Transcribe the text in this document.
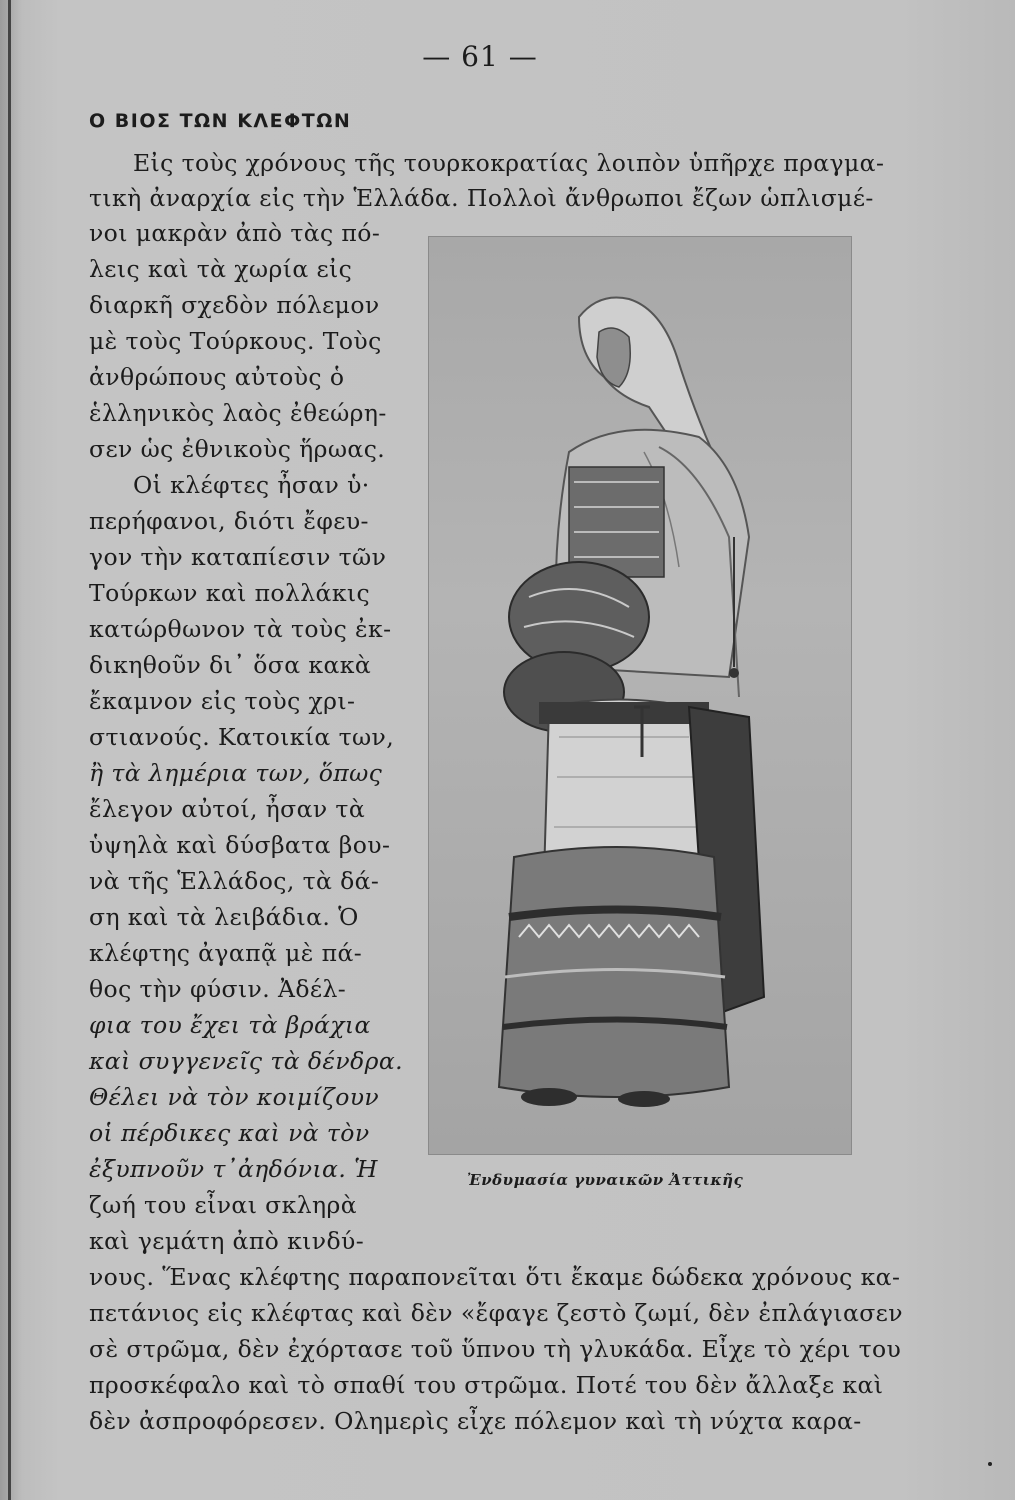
— 61 —
Ο ΒΙΟΣ ΤΩΝ ΚΛΕΦΤΩΝ
Εἰς τοὺς χρόνους τῆς τουρκοκρατίας λοιπὸν ὑπῆρχε πραγμα-
τικὴ ἀναρχία εἰς τὴν Ἑλλάδα. Πολλοὶ ἄνθρωποι ἔζων ὡπλισμέ-
νοι μακρὰν ἀπὸ τὰς πό-
λεις καὶ τὰ χωρία εἰς
διαρκῆ σχεδὸν πόλεμον
μὲ τοὺς Τούρκους. Τοὺς
ἀνθρώπους αὐτοὺς ὁ
ἑλληνικὸς λαὸς ἐθεώρη-
σεν ὡς ἐθνικοὺς ἥρωας.
Οἱ κλέφτες ἦσαν ὑ·
περήφανοι, διότι ἔφευ-
γον τὴν καταπίεσιν τῶν
Τούρκων καὶ πολλάκις
κατώρθωνον τὰ τοὺς ἐκ-
δικηθοῦν δι᾽ ὅσα κακὰ
ἔκαμνον εἰς τοὺς χρι-
στιανούς. Κατοικία των,
ἢ τὰ λημέρια των, ὅπως
ἔλεγον αὐτοί, ἦσαν τὰ
ὑψηλὰ καὶ δύσβατα βου-
νὰ τῆς Ἑλλάδος, τὰ δά-
ση καὶ τὰ λειβάδια. Ὁ
κλέφτης ἀγαπᾷ μὲ πά-
θος τὴν φύσιν. Ἀδέλ-
φια του ἔχει τὰ βράχια
καὶ συγγενεῖς τὰ δένδρα.
Θέλει νὰ τὸν κοιμίζουν
οἱ πέρδικες καὶ νὰ τὸν
ἐξυπνοῦν τ᾽ἀηδόνια. Ἡ
ζωή του εἶναι σκληρὰ
καὶ γεμάτη ἀπὸ κινδύ-
νους. Ἕνας κλέφτης παραπονεῖται ὅτι ἔκαμε δώδεκα χρόνους κα-
πετάνιος εἰς κλέφτας καὶ δὲν «ἔφαγε ζεστὸ ζωμί, δὲν ἐπλάγιασεν
σὲ στρῶμα, δὲν ἐχόρτασε τοῦ ὕπνου τὴ γλυκάδα. Εἶχε τὸ χέρι του
προσκέφαλο καὶ τὸ σπαθί του στρῶμα. Ποτέ του δὲν ἄλλαξε καὶ
δὲν ἀσπροφόρεσεν. Ολημερὶς εἶχε πόλεμον καὶ τὴ νύχτα καρα-
Ἐνδυμασία γυναικῶν Ἀττικῆς
